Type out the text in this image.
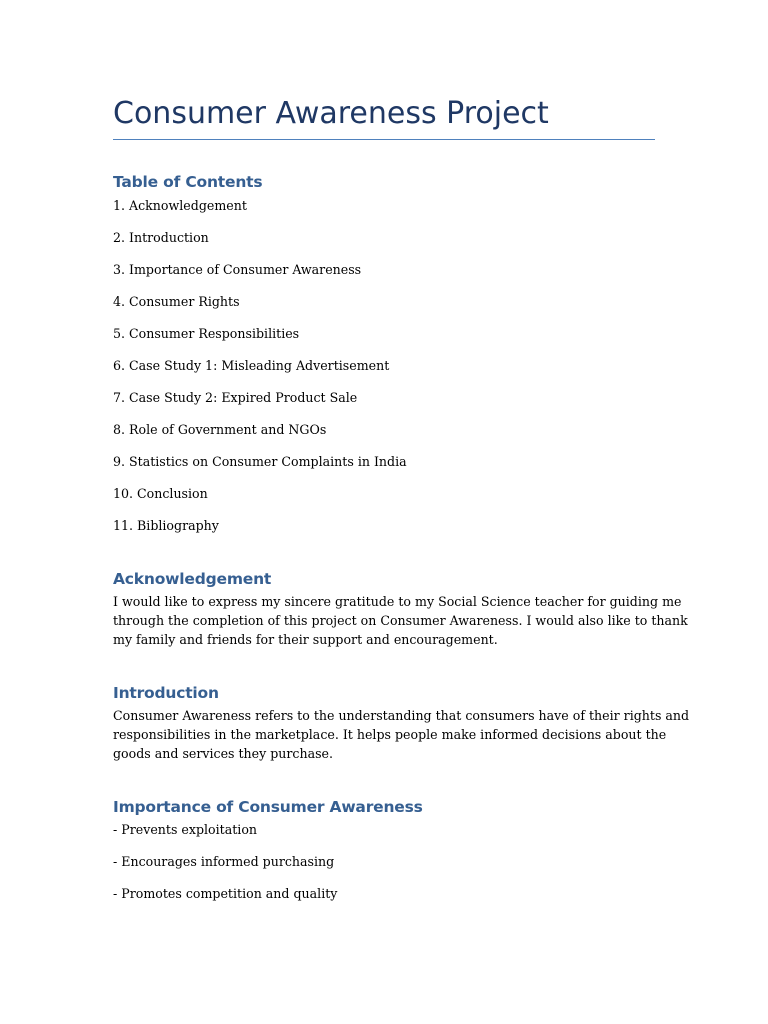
Consumer Awareness Project
Table of Contents
1. Acknowledgement
2. Introduction
3. Importance of Consumer Awareness
4. Consumer Rights
5. Consumer Responsibilities
6. Case Study 1: Misleading Advertisement
7. Case Study 2: Expired Product Sale
8. Role of Government and NGOs
9. Statistics on Consumer Complaints in India
10. Conclusion
11. Bibliography
Acknowledgement
I would like to express my sincere gratitude to my Social Science teacher for guiding me
through the completion of this project on Consumer Awareness. I would also like to thank
my family and friends for their support and encouragement.
Introduction
Consumer Awareness refers to the understanding that consumers have of their rights and
responsibilities in the marketplace. It helps people make informed decisions about the
goods and services they purchase.
Importance of Consumer Awareness
- Prevents exploitation
- Encourages informed purchasing
- Promotes competition and quality
